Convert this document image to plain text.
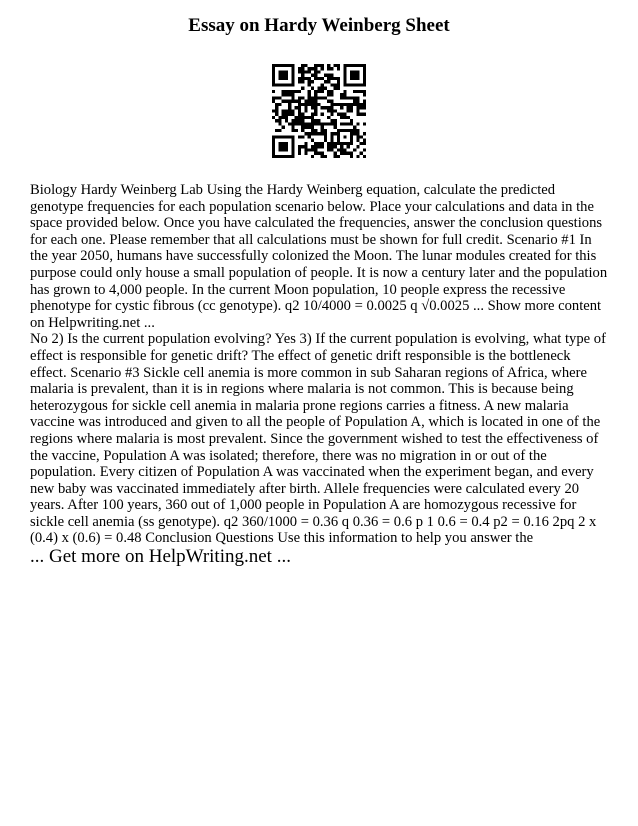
Essay on Hardy Weinberg Sheet
Biology Hardy Weinberg Lab Using the Hardy Weinberg equation, calculate the predicted genotype frequencies for each population scenario below. Place your calculations and data in the space provided below. Once you have calculated the frequencies, answer the conclusion questions for each one. Please remember that all calculations must be shown for full credit. Scenario #1 In the year 2050, humans have successfully colonized the Moon. The lunar modules created for this purpose could only house a small population of people. It is now a century later and the population has grown to 4,000 people. In the current Moon population, 10 people express the recessive phenotype for cystic fibrous (cc genotype). q2 10/4000 = 0.0025 q √0.0025 ... Show more content on Helpwriting.net ...
No 2) Is the current population evolving? Yes 3) If the current population is evolving, what type of effect is responsible for genetic drift? The effect of genetic drift responsible is the bottleneck effect. Scenario #3 Sickle cell anemia is more common in sub Saharan regions of Africa, where malaria is prevalent, than it is in regions where malaria is not common. This is because being heterozygous for sickle cell anemia in malaria prone regions carries a fitness. A new malaria vaccine was introduced and given to all the people of Population A, which is located in one of the regions where malaria is most prevalent. Since the government wished to test the effectiveness of the vaccine, Population A was isolated; therefore, there was no migration in or out of the population. Every citizen of Population A was vaccinated when the experiment began, and every new baby was vaccinated immediately after birth. Allele frequencies were calculated every 20 years. After 100 years, 360 out of 1,000 people in Population A are homozygous recessive for sickle cell anemia (ss genotype). q2 360/1000 = 0.36 q 0.36 = 0.6 p 1 0.6 = 0.4 p2 = 0.16 2pq 2 x (0.4) x (0.6) = 0.48 Conclusion Questions Use this information to help you answer the
... Get more on HelpWriting.net ...
